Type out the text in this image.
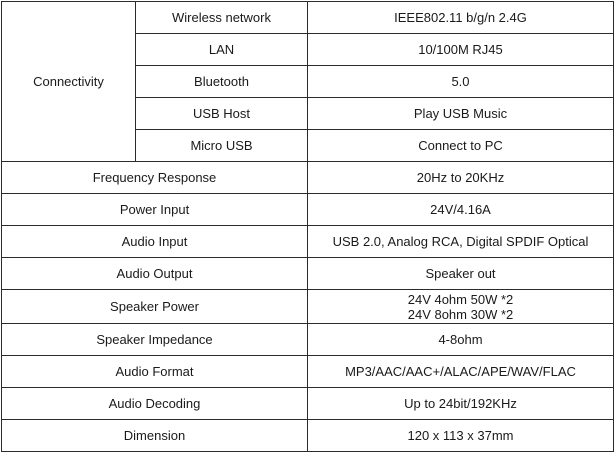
Connectivity	Wireless network	IEEE802.11 b/g/n 2.4G
	LAN	10/100M RJ45
	Bluetooth	5.0
	USB Host	Play USB Music
	Micro USB	Connect to PC
Frequency Response		20Hz to 20KHz
Power Input		24V/4.16A
Audio Input		USB 2.0, Analog RCA, Digital SPDIF Optical
Audio Output		Speaker out
Speaker Power		24V 4ohm 50W *2
24V 8ohm 30W *2

Speaker Impedance		4-8ohm
Audio Format		MP3/AAC/AAC+/ALAC/APE/WAV/FLAC
Audio Decoding		Up to 24bit/192KHz
Dimension		120 x 113 x 37mm
